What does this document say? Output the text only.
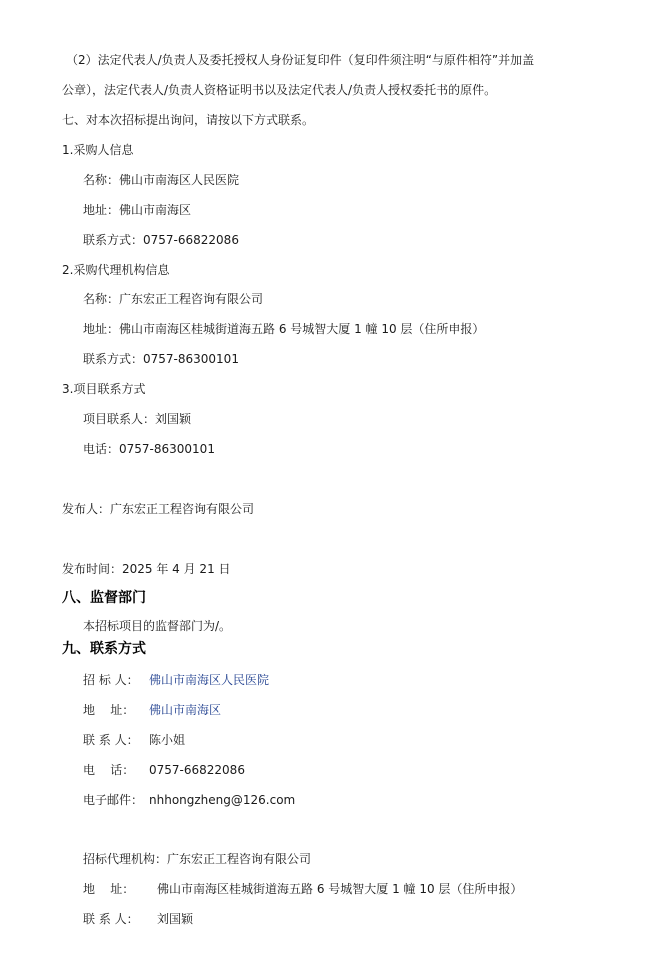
（2）法定代表人/负责人及委托授权人身份证复印件（复印件须注明“与原件相符”并加盖
公章），法定代表人/负责人资格证明书以及法定代表人/负责人授权委托书的原件。
七、对本次招标提出询问，请按以下方式联系。
1.采购人信息
名称：佛山市南海区人民医院
地址：佛山市南海区
联系方式：0757-66822086
2.采购代理机构信息
名称：广东宏正工程咨询有限公司
地址：佛山市南海区桂城街道海五路 6 号城智大厦 1 幢 10 层（住所申报）
联系方式：0757-86300101
3.项目联系方式
项目联系人：刘国颖
电话：0757-86300101
发布人：广东宏正工程咨询有限公司
发布时间：2025 年 4 月 21 日
八、监督部门
本招标项目的监督部门为/。
九、联系方式
招 标 人： 佛山市南海区人民医院
地    址： 佛山市南海区
联 系 人： 陈小姐
电    话： 0757-66822086
电子邮件： nhhongzheng@126.com
招标代理机构：广东宏正工程咨询有限公司
地    址： 佛山市南海区桂城街道海五路 6 号城智大厦 1 幢 10 层（住所申报）
联 系 人： 刘国颖
